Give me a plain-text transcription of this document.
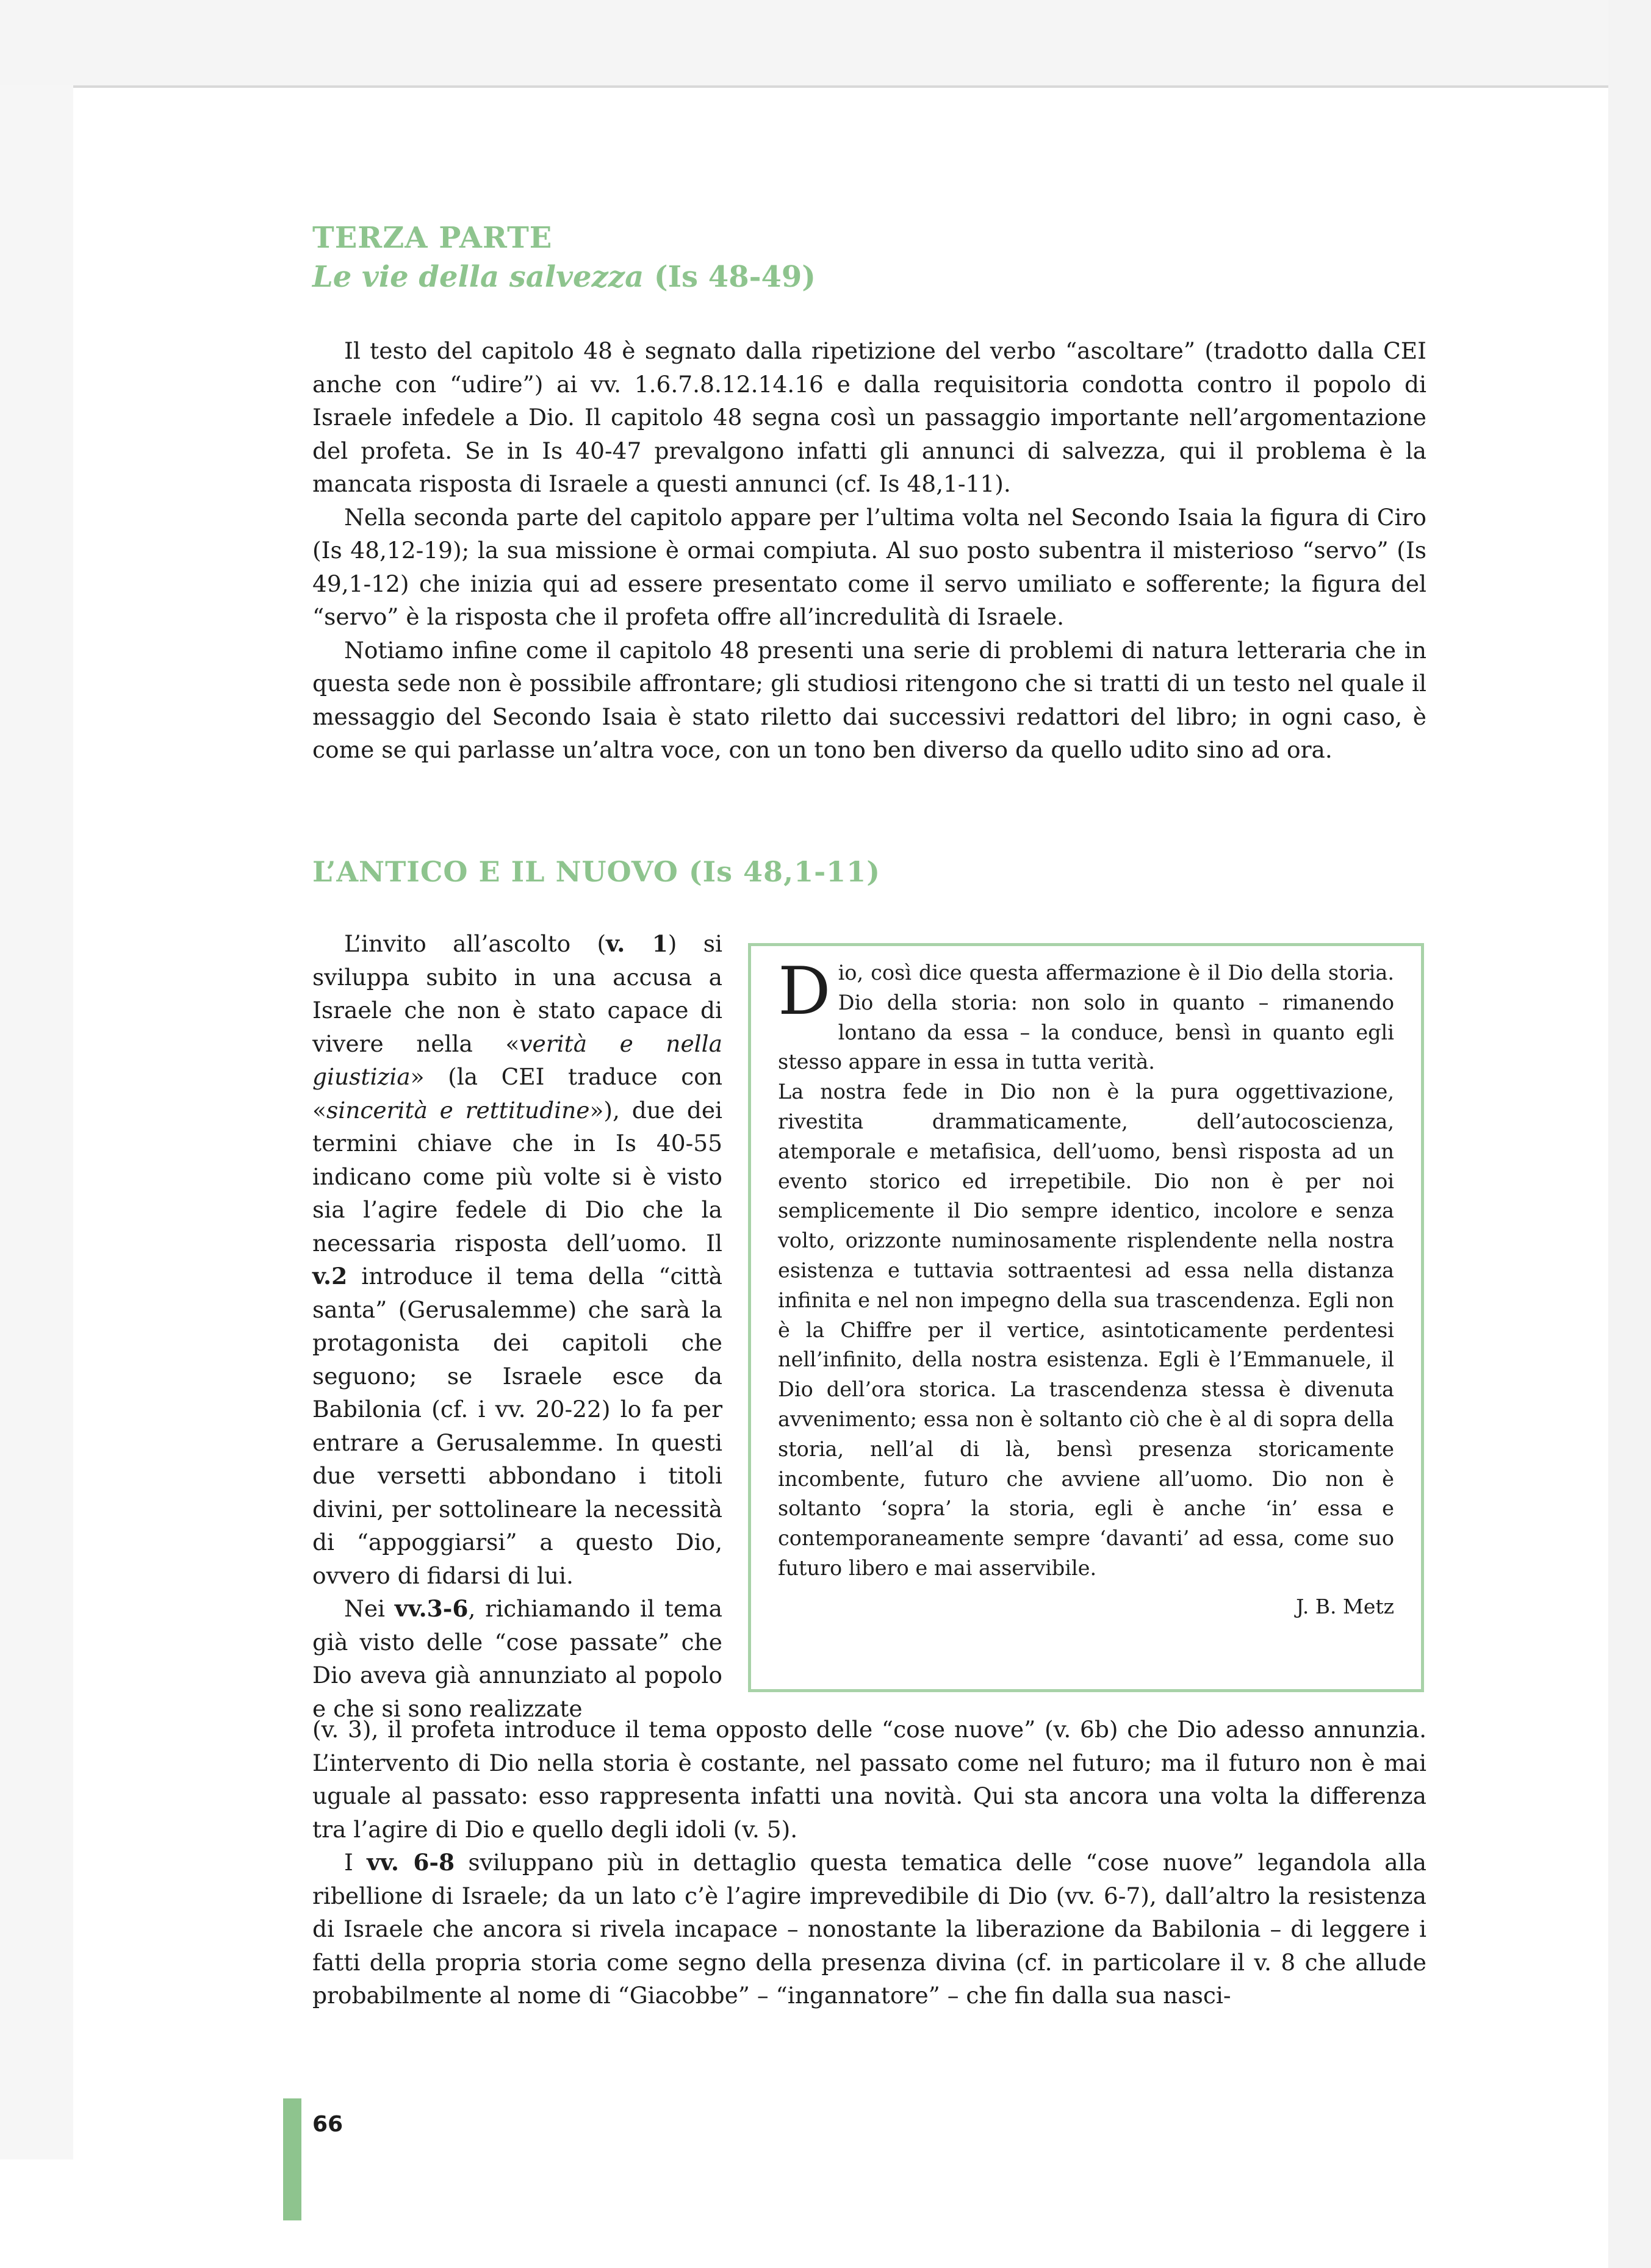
TERZA PARTE
Le vie della salvezza (Is 48-49)

Il testo del capitolo 48 è segnato dalla ripetizione del verbo “ascoltare” (tradotto dalla CEI anche con “udire”) ai vv. 1.6.7.8.12.14.16 e dalla requisitoria condotta contro il popolo di Israele infedele a Dio. Il capitolo 48 segna così un passaggio importante nell’argomentazione del profeta. Se in Is 40-47 prevalgono infatti gli annunci di salvezza, qui il problema è la mancata risposta di Israele a questi annunci (cf. Is 48,1-11).

Nella seconda parte del capitolo appare per l’ultima volta nel Secondo Isaia la figura di Ciro (Is 48,12-19); la sua missione è ormai compiuta. Al suo posto subentra il misterioso “servo” (Is 49,1-12) che inizia qui ad essere presentato come il servo umiliato e sofferente; la figura del “servo” è la risposta che il profeta offre all’incredulità di Israele.

Notiamo infine come il capitolo 48 presenti una serie di problemi di natura letteraria che in questa sede non è possibile affrontare; gli studiosi ritengono che si tratti di un testo nel quale il messaggio del Secondo Isaia è stato riletto dai successivi redattori del libro; in ogni caso, è come se qui parlasse un’altra voce, con un tono ben diverso da quello udito sino ad ora.

L’ANTICO E IL NUOVO (Is 48,1-11)

L’invito all’ascolto (v. 1) si sviluppa subito in una accusa a Israele che non è stato capace di vivere nella «verità e nella giustizia» (la CEI traduce con «sincerità e rettitudine»), due dei termini chiave che in Is 40-55 indicano come più volte si è visto sia l’agire fedele di Dio che la necessaria risposta dell’uomo. Il v.2 introduce il tema della “città santa” (Gerusalemme) che sarà la protagonista dei capitoli che seguono; se Israele esce da Babilonia (cf. i vv. 20-22) lo fa per entrare a Gerusalemme. In questi due versetti abbondano i titoli divini, per sottolineare la necessità di “appoggiarsi” a questo Dio, ovvero di fidarsi di lui.

Nei vv.3-6, richiamando il tema già visto delle “cose passate” che Dio aveva già annunziato al popolo e che si sono realizzate

Dio, così dice questa affermazione è il Dio della storia. Dio della storia: non solo in quanto – rimanendo lontano da essa – la conduce, bensì in quanto egli stesso appare in essa in tutta verità.

La nostra fede in Dio non è la pura oggettivazione, rivestita drammaticamente, dell’autocoscienza, atemporale e metafisica, dell’uomo, bensì risposta ad un evento storico ed irrepetibile. Dio non è per noi semplicemente il Dio sempre identico, incolore e senza volto, orizzonte numinosamente risplendente nella nostra esistenza e tuttavia sottraentesi ad essa nella distanza infinita e nel non impegno della sua trascendenza. Egli non è la Chiffre per il vertice, asintoticamente perdentesi nell’infinito, della nostra esistenza. Egli è l’Emmanuele, il Dio dell’ora storica. La trascendenza stessa è divenuta avvenimento; essa non è soltanto ciò che è al di sopra della storia, nell’al di là, bensì presenza storicamente incombente, futuro che avviene all’uomo. Dio non è soltanto ‘sopra’ la storia, egli è anche ‘in’ essa e contemporaneamente sempre ‘davanti’ ad essa, come suo futuro libero e mai asservibile.

J. B. Metz

(v. 3), il profeta introduce il tema opposto delle “cose nuove” (v. 6b) che Dio adesso annunzia. L’intervento di Dio nella storia è costante, nel passato come nel futuro; ma il futuro non è mai uguale al passato: esso rappresenta infatti una novità. Qui sta ancora una volta la differenza tra l’agire di Dio e quello degli idoli (v. 5).

I vv. 6-8 sviluppano più in dettaglio questa tematica delle “cose nuove” legandola alla ribellione di Israele; da un lato c’è l’agire imprevedibile di Dio (vv. 6-7), dall’altro la resistenza di Israele che ancora si rivela incapace – nonostante la liberazione da Babilonia – di leggere i fatti della propria storia come segno della presenza divina (cf. in particolare il v. 8 che allude probabilmente al nome di “Giacobbe” – “ingannatore” – che fin dalla sua nasci-

66
